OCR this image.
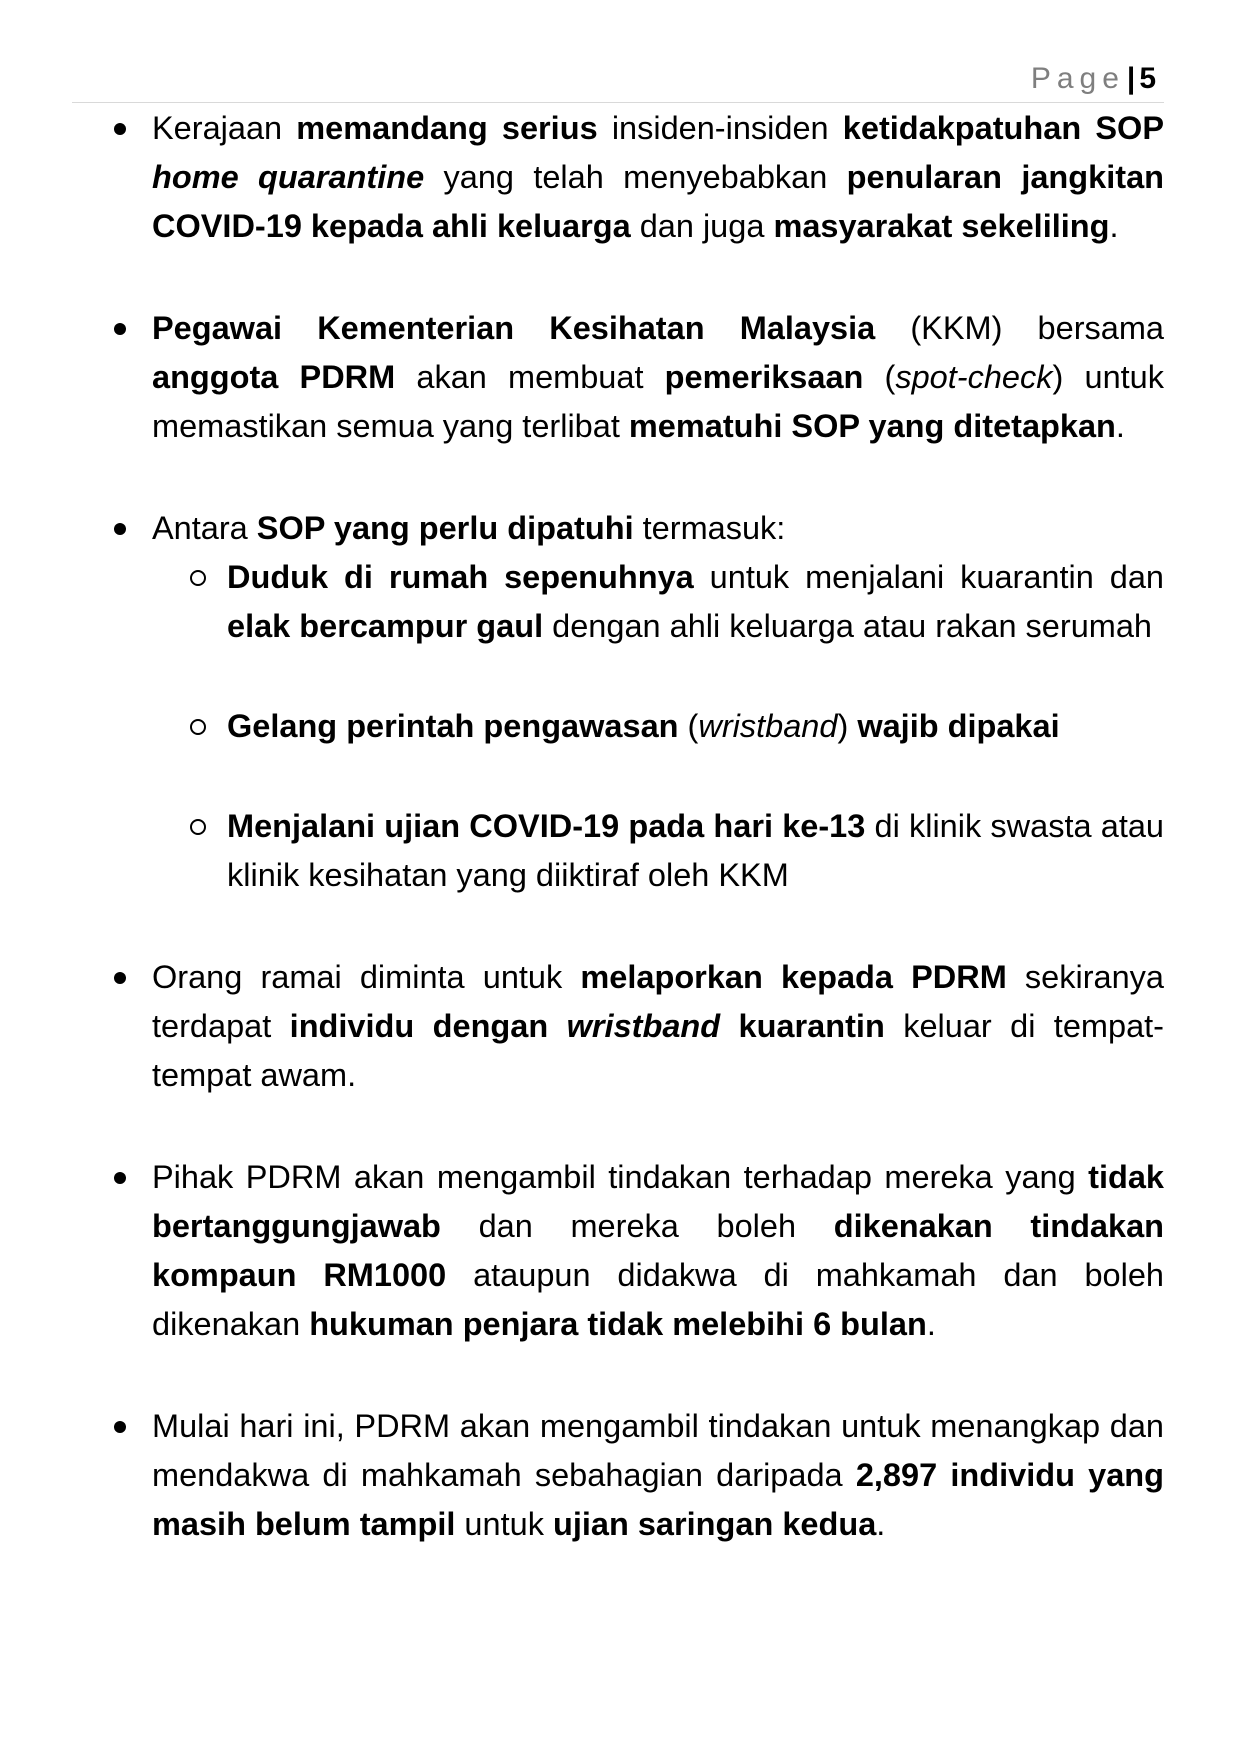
Page| 5
Kerajaan memandang serius insiden-insiden ketidakpatuhan SOP home quarantine yang telah menyebabkan penularan jangkitan COVID-19 kepada ahli keluarga dan juga masyarakat sekeliling.
Pegawai Kementerian Kesihatan Malaysia (KKM) bersama anggota PDRM akan membuat pemeriksaan (spot-check) untuk memastikan semua yang terlibat mematuhi SOP yang ditetapkan.
Antara SOP yang perlu dipatuhi termasuk:
Duduk di rumah sepenuhnya untuk menjalani kuarantin dan elak bercampur gaul dengan ahli keluarga atau rakan serumah
Gelang perintah pengawasan (wristband) wajib dipakai
Menjalani ujian COVID-19 pada hari ke-13 di klinik swasta atau klinik kesihatan yang diiktiraf oleh KKM
Orang ramai diminta untuk melaporkan kepada PDRM sekiranya terdapat individu dengan wristband kuarantin keluar di tempat-tempat awam.
Pihak PDRM akan mengambil tindakan terhadap mereka yang tidak bertanggungjawab dan mereka boleh dikenakan tindakan kompaun RM1000 ataupun didakwa di mahkamah dan boleh dikenakan hukuman penjara tidak melebihi 6 bulan.
Mulai hari ini, PDRM akan mengambil tindakan untuk menangkap dan mendakwa di mahkamah sebahagian daripada 2,897 individu yang masih belum tampil untuk ujian saringan kedua.
